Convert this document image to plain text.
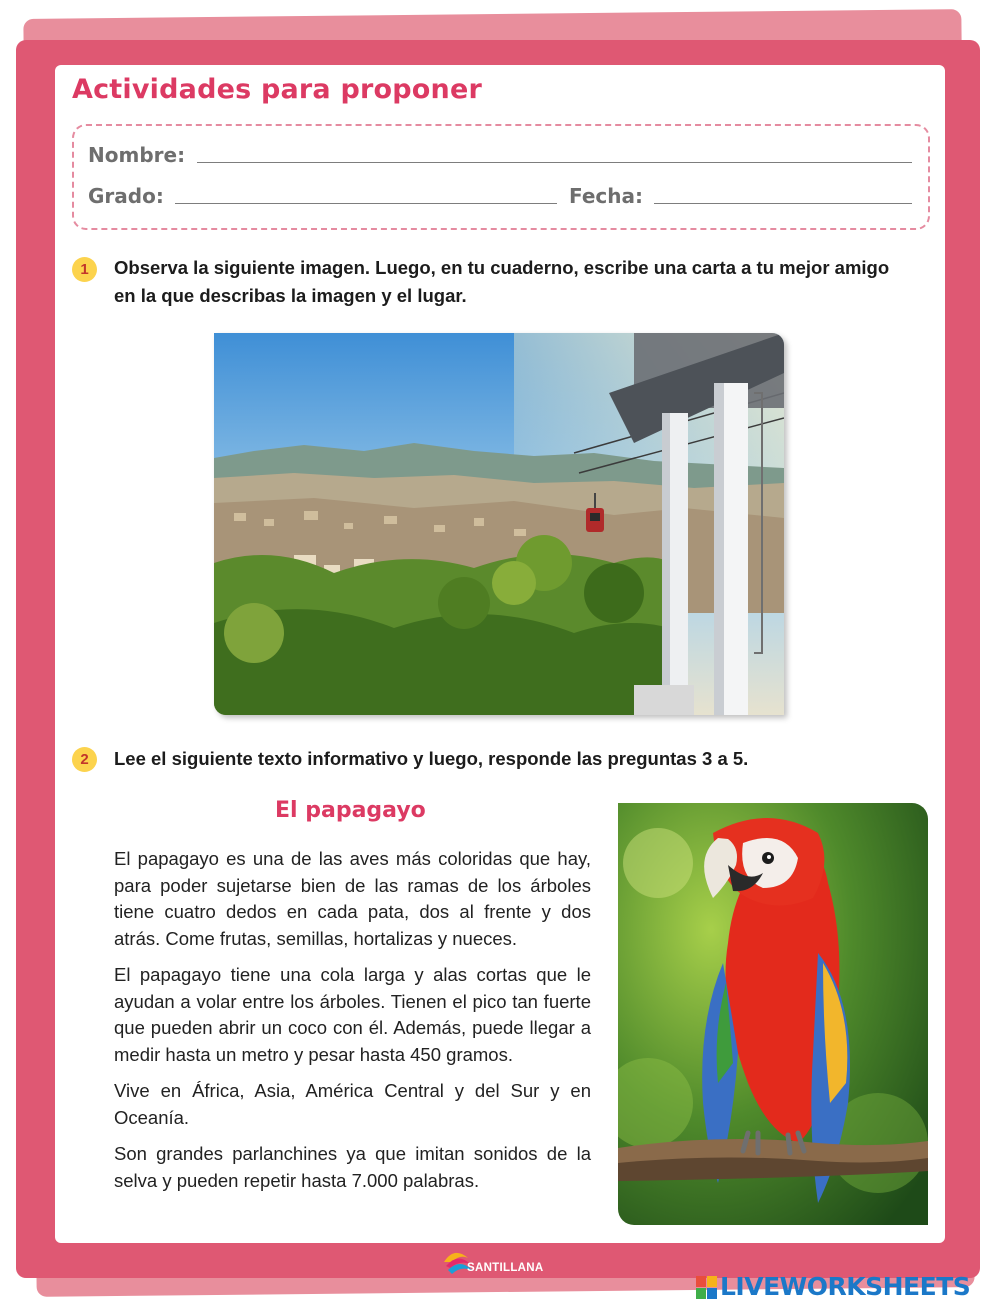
Actividades para proponer
Nombre:
Grado:	Fecha:
1	Observa la siguiente imagen. Luego, en tu cuaderno, escribe una carta a tu mejor amigo en la que describas la imagen y el lugar.

2	Lee el siguiente texto informativo y luego, responde las preguntas 3 a 5.

El papagayo

El papagayo es una de las aves más coloridas que hay, para poder sujetarse bien de las ramas de los árboles tiene cuatro dedos en cada pata, dos al frente y dos atrás. Come frutas, semillas, hortalizas y nueces.

El papagayo tiene una cola larga y alas cortas que le ayudan a volar entre los árboles. Tienen el pico tan fuerte que pueden abrir un coco con él. Además, puede llegar a medir hasta un metro y pesar hasta 450 gramos.

Vive en África, Asia, América Central y del Sur y en Oceanía.

Son grandes parlanchines ya que imitan sonidos de la selva y pueden repetir hasta 7.000 palabras.

SANTILLANA
LIVEWORKSHEETS
